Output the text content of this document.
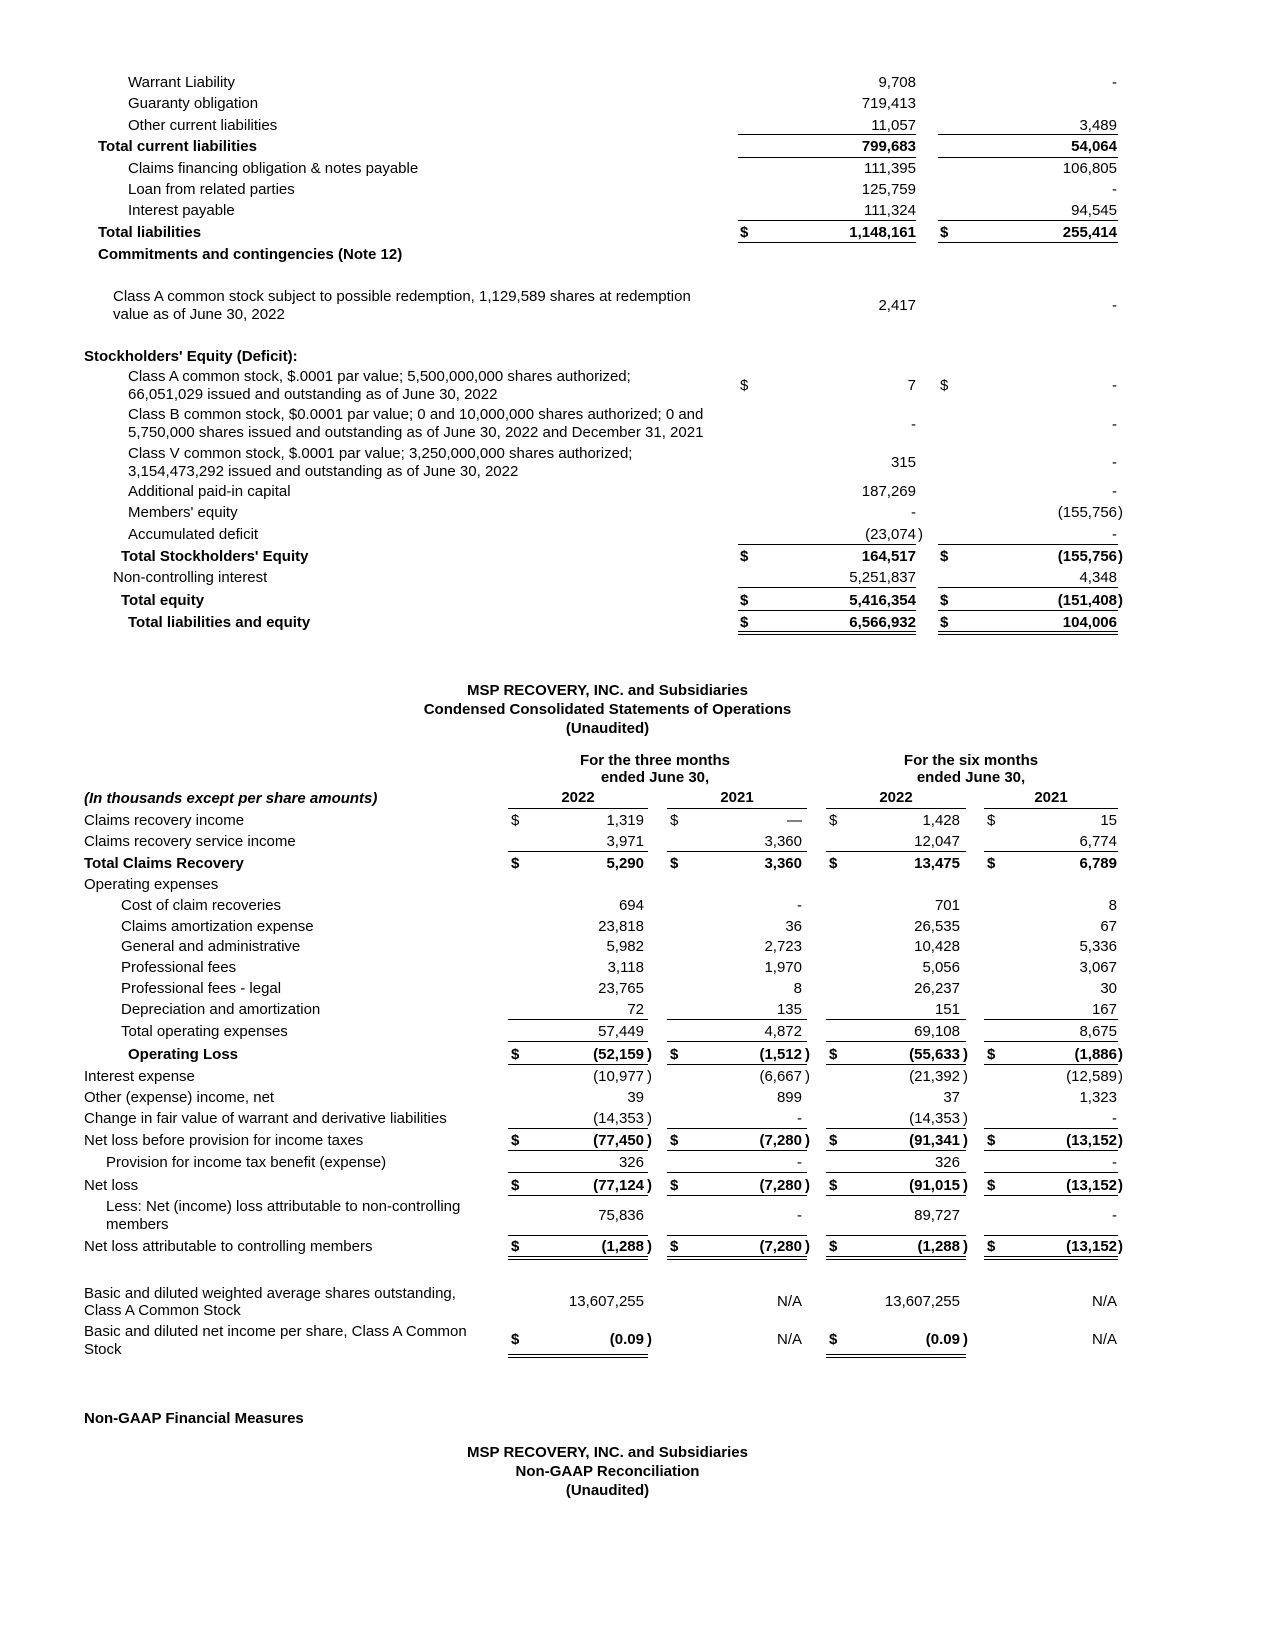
Warrant Liability	9,708	-
Guaranty obligation	719,413
Other current liabilities	11,057	3,489
Total current liabilities	799,683	54,064
Claims financing obligation & notes payable	111,395	106,805
Loan from related parties	125,759	-
Interest payable	111,324	94,545
Total liabilities	$	1,148,161 $	255,414
Commitments and contingencies (Note 12)
Class A common stock subject to possible redemption, 1,129,589 shares at redemption
value as of June 30, 2022
2,417	-
Stockholders' Equity (Deficit):
Class A common stock, $.0001 par value; 5,500,000,000 shares authorized;
66,051,029 issued and outstanding as of June 30, 2022
$	7 $	-
Class B common stock, $0.0001 par value; 0 and 10,000,000 shares authorized; 0 and
5,750,000 shares issued and outstanding as of June 30, 2022 and December 31, 2021	-	-
Class V common stock, $.0001 par value; 3,250,000,000 shares authorized;
3,154,473,292 issued and outstanding as of June 30, 2022
315	-
Additional paid-in capital	187,269	-
Members' equity	-	(155,756 )
Accumulated deficit	(23,074 )	-
Total Stockholders' Equity	$	164,517 $	(155,756 )
Non-controlling interest	5,251,837	4,348
Total equity	$	5,416,354 $	(151,408 )
Total liabilities and equity	$	6,566,932 $	104,006
MSP RECOVERY, INC. and Subsidiaries
Condensed Consolidated Statements of Operations
(Unaudited)
For the three months
ended June 30,
For the six months
ended June 30,
(In thousands except per share amounts)	2022	2021	2022	2021
Claims recovery income	$	1,319 $	— $	1,428 $	15
Claims recovery service income	3,971	3,360	12,047	6,774
Total Claims Recovery	$	5,290 $	3,360 $	13,475 $	6,789
Operating expenses
Cost of claim recoveries	694	-	701	8
Claims amortization expense	23,818	36	26,535	67
General and administrative	5,982	2,723	10,428	5,336
Professional fees	3,118	1,970	5,056	3,067
Professional fees - legal	23,765	8	26,237	30
Depreciation and amortization	72	135	151	167
Total operating expenses	57,449	4,872	69,108	8,675
Operating Loss	$	(52,159 ) $	(1,512 ) $	(55,633 ) $	(1,886 )
Interest expense	(10,977 )	(6,667 )	(21,392 )	(12,589 )
Other (expense) income, net	39	899	37	1,323
Change in fair value of warrant and derivative liabilities	(14,353 )	-	(14,353 )	-
Net loss before provision for income taxes	$	(77,450 ) $	(7,280 ) $	(91,341 ) $	(13,152 )
Provision for income tax benefit (expense)	326	-	326	-
Net loss	$	(77,124 ) $	(7,280 ) $	(91,015 ) $	(13,152 )
Less: Net (income) loss attributable to non-controlling
members
75,836	-	89,727	-
Net loss attributable to controlling members	$	(1,288 ) $	(7,280 ) $	(1,288 ) $	(13,152 )
Basic and diluted weighted average shares outstanding,
Class A Common Stock
13,607,255	N/A	13,607,255	N/A
Basic and diluted net income per share, Class A Common
Stock
$	(0.09 )	N/A $	(0.09 )	N/A
Non-GAAP Financial Measures
MSP RECOVERY, INC. and Subsidiaries
Non-GAAP Reconciliation
(Unaudited)
